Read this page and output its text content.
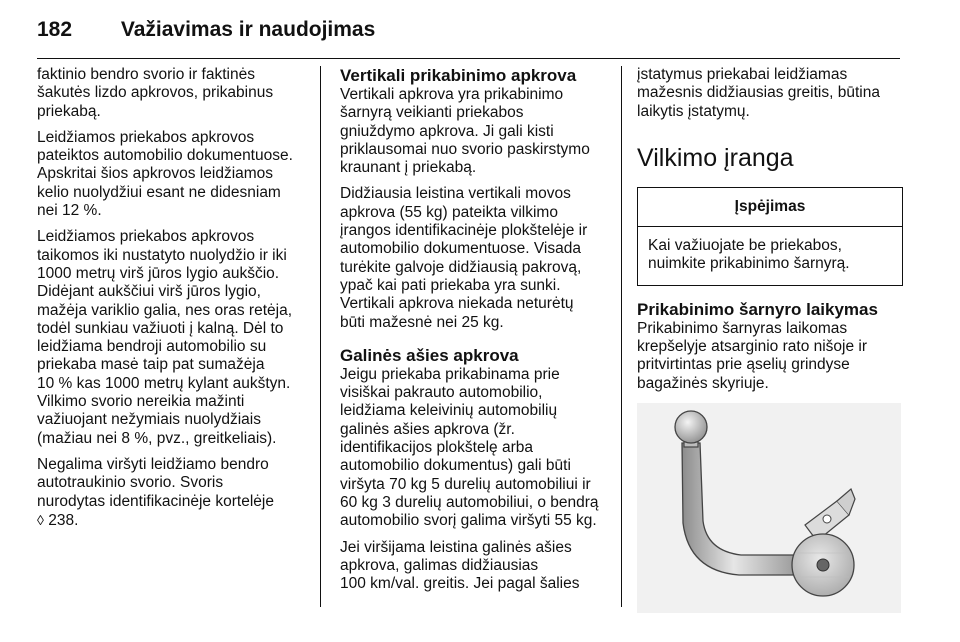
182 Važiavimas ir naudojimas
faktinio bendro svorio ir faktinės
šakutės lizdo apkrovos, prikabinus
priekabą.
Leidžiamos priekabos apkrovos
pateiktos automobilio dokumentuose.
Apskritai šios apkrovos leidžiamos
kelio nuolydžiui esant ne didesniam
nei 12 %.
Leidžiamos priekabos apkrovos
taikomos iki nustatyto nuolydžio ir iki
1000 metrų virš jūros lygio aukščio.
Didėjant aukščiui virš jūros lygio,
mažėja variklio galia, nes oras retėja,
todėl sunkiau važiuoti į kalną. Dėl to
leidžiama bendroji automobilio su
priekaba masė taip pat sumažėja
10 % kas 1000 metrų kylant aukštyn.
Vilkimo svorio nereikia mažinti
važiuojant nežymiais nuolydžiais
(mažiau nei 8 %, pvz., greitkeliais).
Negalima viršyti leidžiamo bendro
autotraukinio svorio. Svoris
nurodytas identifikacinėje kortelėje
◊ 238.
Vertikali prikabinimo apkrova
Vertikali apkrova yra prikabinimo
šarnyrą veikianti priekabos
gniuždymo apkrova. Ji gali kisti
priklausomai nuo svorio paskirstymo
kraunant į priekabą.
Didžiausia leistina vertikali movos
apkrova (55 kg) pateikta vilkimo
įrangos identifikacinėje plokštelėje ir
automobilio dokumentuose. Visada
turėkite galvoje didžiausią pakrovą,
ypač kai pati priekaba yra sunki.
Vertikali apkrova niekada neturėtų
būti mažesnė nei 25 kg.
Galinės ašies apkrova
Jeigu priekaba prikabinama prie
visiškai pakrauto automobilio,
leidžiama keleivinių automobilių
galinės ašies apkrova (žr.
identifikacijos plokštelę arba
automobilio dokumentus) gali būti
viršyta 70 kg 5 durelių automobiliui ir
60 kg 3 durelių automobiliui, o bendrą
automobilio svorį galima viršyti 55 kg.
Jei viršijama leistina galinės ašies
apkrova, galimas didžiausias
100 km/val. greitis. Jei pagal šalies
įstatymus priekabai leidžiamas
mažesnis didžiausias greitis, būtina
laikytis įstatymų.
Vilkimo įranga
Įspėjimas
Kai važiuojate be priekabos,
nuimkite prikabinimo šarnyrą.
Prikabinimo šarnyro laikymas
Prikabinimo šarnyras laikomas
krepšelyje atsarginio rato nišoje ir
pritvirtintas prie ąselių grindyse
bagažinės skyriuje.
